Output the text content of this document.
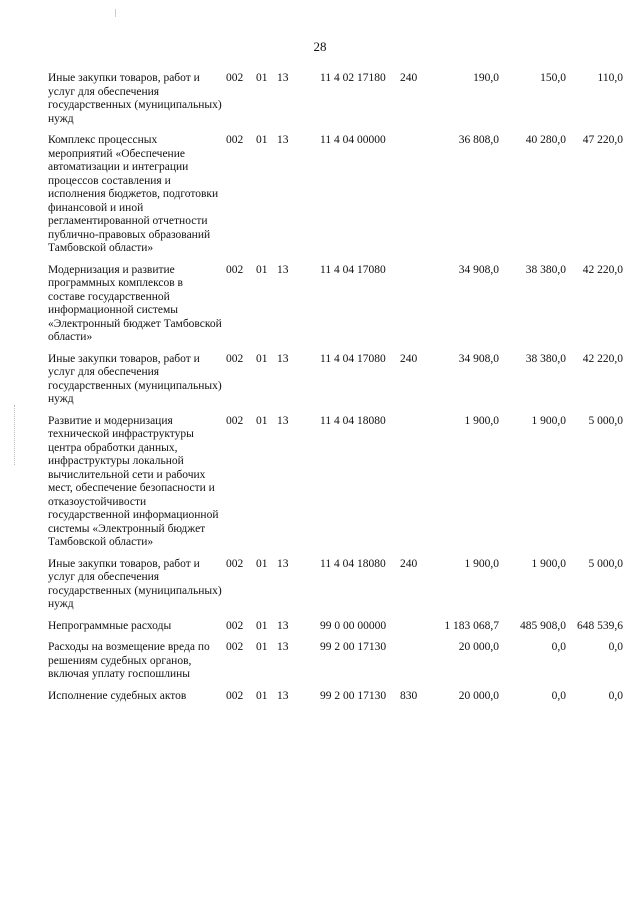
28
Иные закупки товаров, работ и услуг для обеспечения государственных (муниципальных) нужд	002	01	13	11 4 02 17180	240	190,0	150,0	110,0
Комплекс процессных мероприятий «Обеспечение автоматизации и интеграции процессов составления и исполнения бюджетов, подготовки финансовой и иной регламентированной отчетности публично-правовых образований Тамбовской области»	002	01	13	11 4 04 00000		36 808,0	40 280,0	47 220,0
Модернизация и развитие программных комплексов в составе государственной информационной системы «Электронный бюджет Тамбовской области»	002	01	13	11 4 04 17080		34 908,0	38 380,0	42 220,0
Иные закупки товаров, работ и услуг для обеспечения государственных (муниципальных) нужд	002	01	13	11 4 04 17080	240	34 908,0	38 380,0	42 220,0
Развитие и модернизация технической инфраструктуры центра обработки данных, инфраструктуры локальной вычислительной сети и рабочих мест, обеспечение безопасности и отказоустойчивости государственной информационной системы «Электронный бюджет Тамбовской области»	002	01	13	11 4 04 18080		1 900,0	1 900,0	5 000,0
Иные закупки товаров, работ и услуг для обеспечения государственных (муниципальных) нужд	002	01	13	11 4 04 18080	240	1 900,0	1 900,0	5 000,0
Непрограммные расходы	002	01	13	99 0 00 00000		1 183 068,7	485 908,0	648 539,6
Расходы на возмещение вреда по решениям судебных органов, включая уплату госпошлины	002	01	13	99 2 00 17130		20 000,0	0,0	0,0
Исполнение судебных актов	002	01	13	99 2 00 17130	830	20 000,0	0,0	0,0
